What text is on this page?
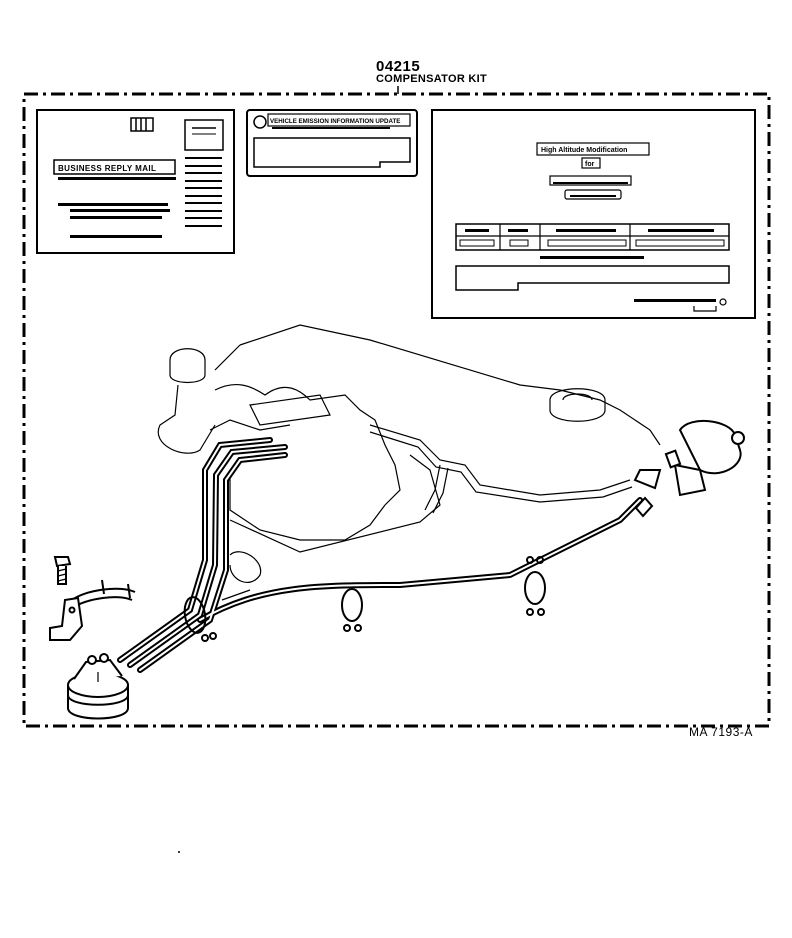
04215
COMPENSATOR KIT
BUSINESS REPLY MAIL
VEHICLE EMISSION INFORMATION UPDATE
High Altitude Modification
for
MA 7193-A
